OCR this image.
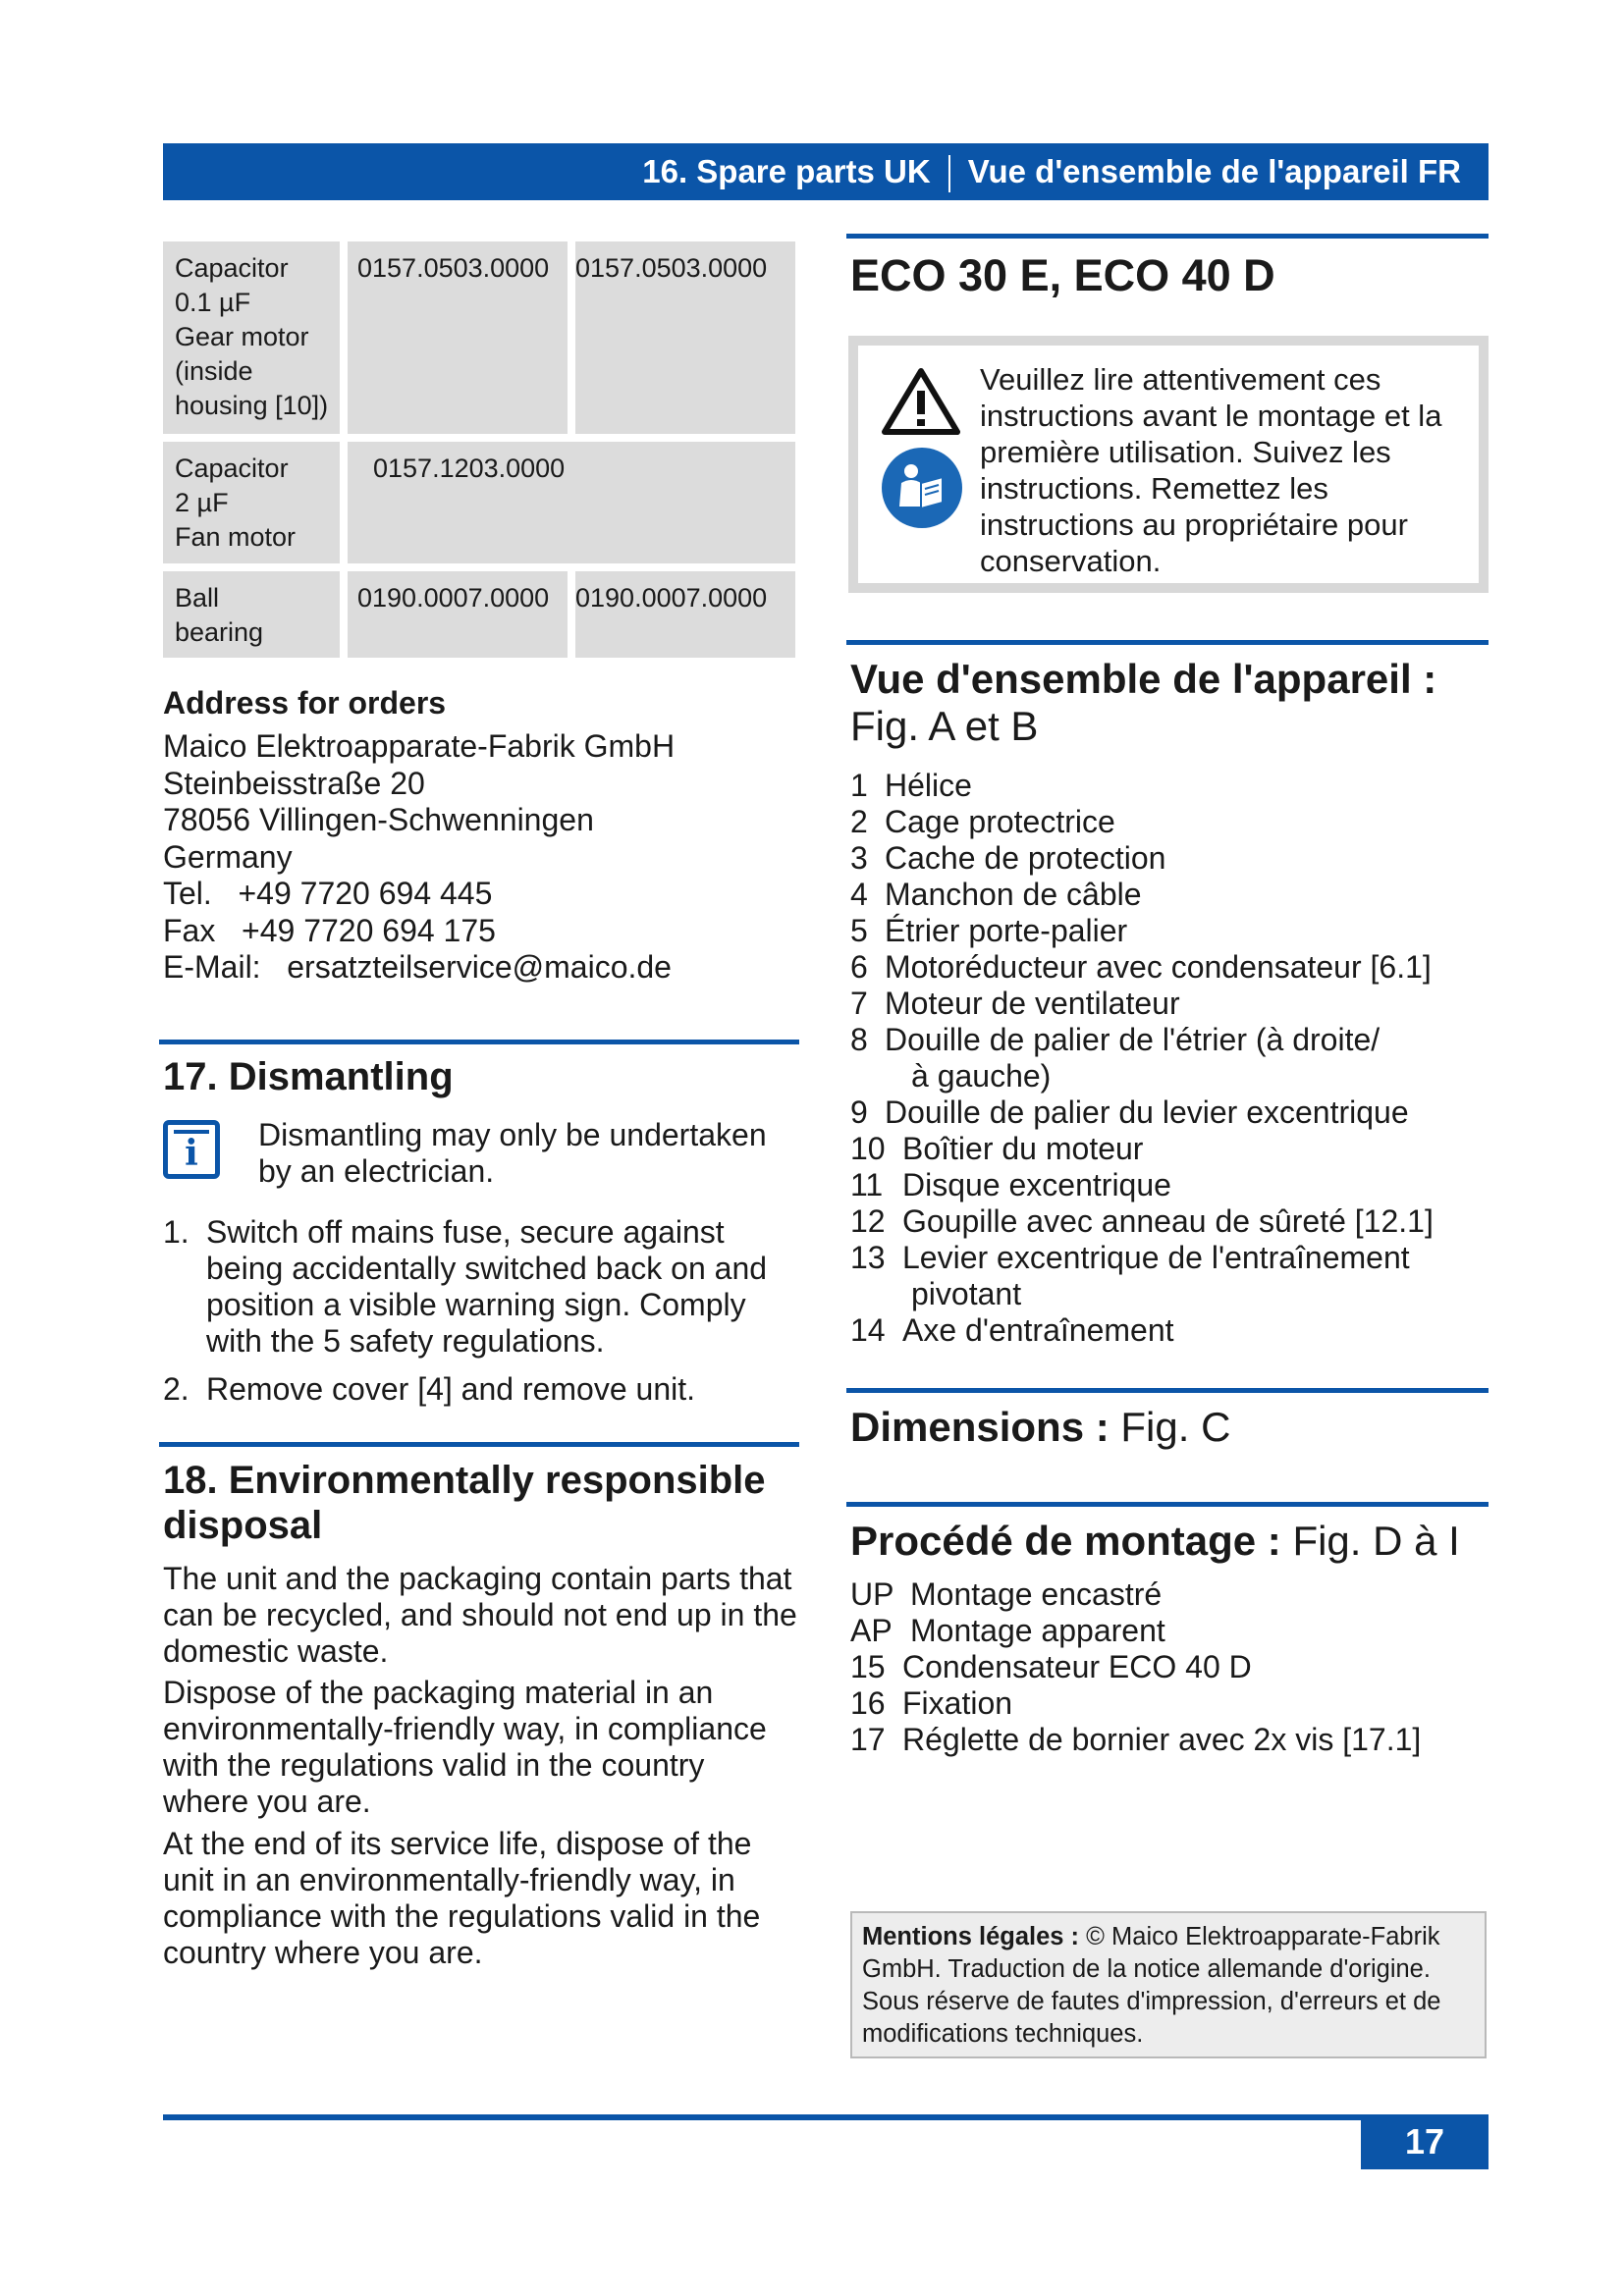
16. Spare parts UK Vue d'ensemble de l'appareil FR
Capacitor
0.1 µF
Gear motor
(inside
housing [10])
0157.0503.0000 0157.0503.0000
Capacitor
2 µF
Fan motor
0157.1203.0000
Ball
bearing
0190.0007.0000 0190.0007.0000
Address for orders
Maico Elektroapparate-Fabrik GmbH
Steinbeisstraße 20
78056 Villingen-Schwenningen
Germany
Tel.   +49 7720 694 445
Fax   +49 7720 694 175
E-Mail:   ersatzteilservice@maico.de
17. Dismantling
i	Dismantling may only be undertaken by an electrician.
1. Switch off mains fuse, secure against being accidentally switched back on and position a visible warning sign. Comply with the 5 safety regulations.
2. Remove cover [4] and remove unit.
18. Environmentally responsible disposal
The unit and the packaging contain parts that can be recycled, and should not end up in the domestic waste.
Dispose of the packaging material in an environmentally-friendly way, in compliance with the regulations valid in the country where you are.
At the end of its service life, dispose of the unit in an environmentally-friendly way, in compliance with the regulations valid in the country where you are.
ECO 30 E, ECO 40 D
Veuillez lire attentivement ces instructions avant le montage et la première utilisation. Suivez les instructions. Remettez les instructions au propriétaire pour conservation.
Vue d'ensemble de l'appareil :
Fig. A et B
1 Hélice
2 Cage protectrice
3 Cache de protection
4 Manchon de câble
5 Étrier porte-palier
6 Motoréducteur avec condensateur [6.1]
7 Moteur de ventilateur
8 Douille de palier de l'étrier (à droite/
à gauche)
9 Douille de palier du levier excentrique
10 Boîtier du moteur
11 Disque excentrique
12 Goupille avec anneau de sûreté [12.1]
13 Levier excentrique de l'entraînement
pivotant
14 Axe d'entraînement
Dimensions : Fig. C
Procédé de montage : Fig. D à I
UP Montage encastré
AP Montage apparent
15 Condensateur ECO 40 D
16 Fixation
17 Réglette de bornier avec 2x vis [17.1]
Mentions légales : © Maico Elektroapparate-Fabrik GmbH. Traduction de la notice allemande d'origine. Sous réserve de fautes d'impression, d'erreurs et de modifications techniques.
17
